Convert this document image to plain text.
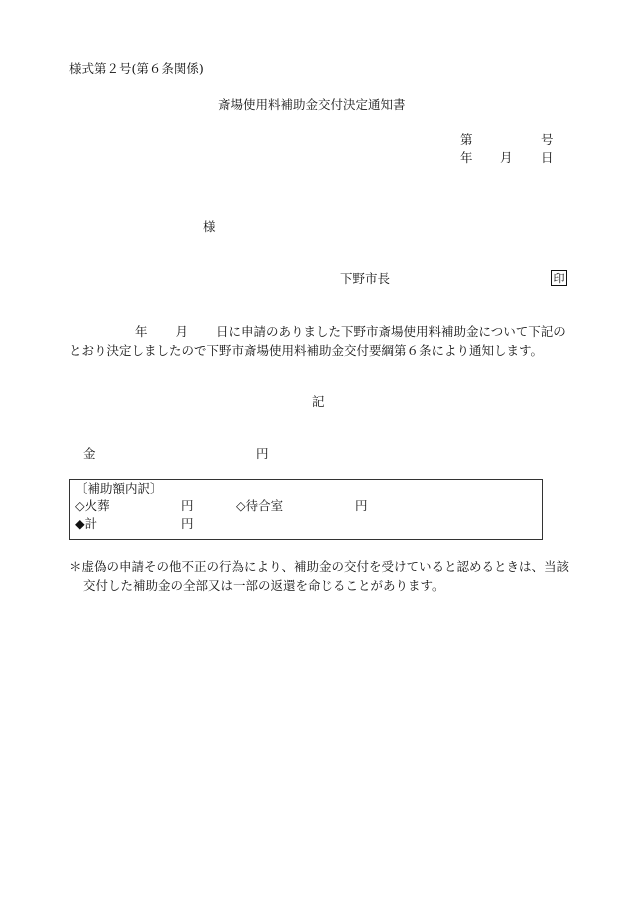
様式第２号(第６条関係)
斎場使用料補助金交付決定通知書
第	号
年 月 日
様
下野市長	印
年 月 日に申請のありました下野市斎場使用料補助金について下記のとおり決定しましたので下野市斎場使用料補助金交付要綱第６条により通知します。
記
金	円
〔補助額内訳〕
◇火葬	円	◇待合室	円
◆計	円
＊虚偽の申請その他不正の行為により、補助金の交付を受けていると認めるときは、当該交付した補助金の全部又は一部の返還を命じることがあります。
